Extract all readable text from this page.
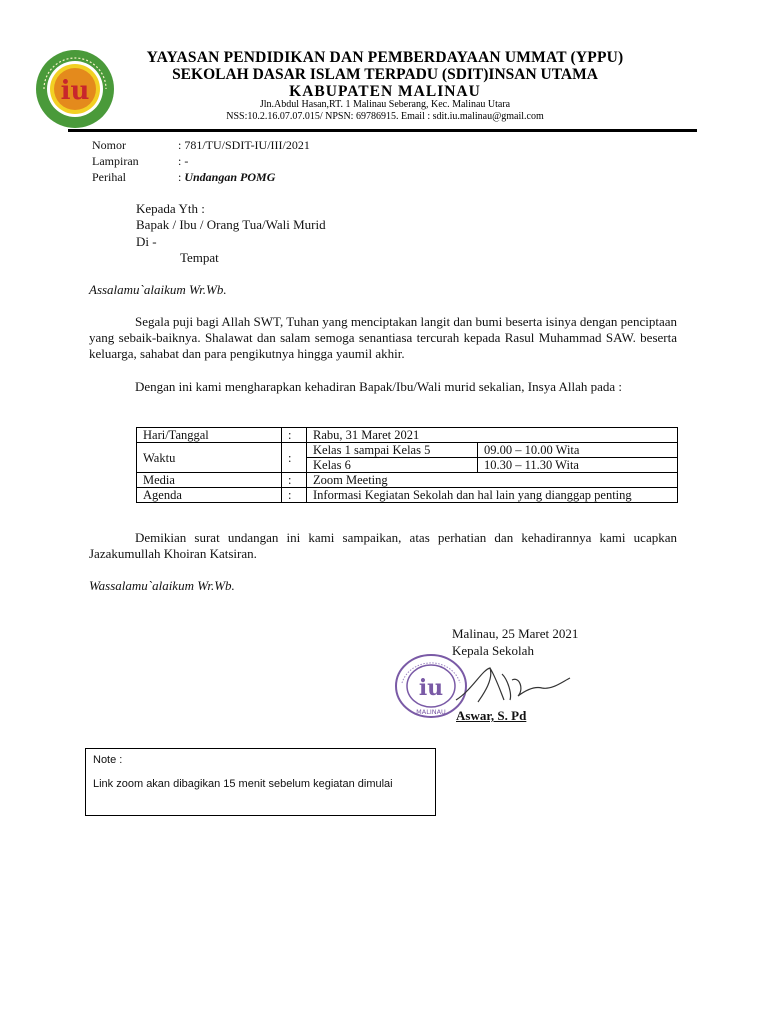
iu
YAYASAN PENDIDIKAN DAN PEMBERDAYAAN UMMAT (YPPU)
SEKOLAH DASAR ISLAM TERPADU (SDIT)INSAN UTAMA
KABUPATEN MALINAU
Jln.Abdul Hasan,RT. 1 Malinau Seberang, Kec. Malinau Utara
NSS:10.2.16.07.07.015/ NPSN: 69786915. Email : sdit.iu.malinau@gmail.com
Nomor	: 781/TU/SDIT-IU/III/2021
Lampiran	: -
Perihal	: Undangan POMG
Kepada Yth :
Bapak / Ibu / Orang Tua/Wali Murid
Di -
Tempat
Assalamu`alaikum Wr.Wb.
Segala puji bagi Allah SWT, Tuhan yang menciptakan langit dan bumi beserta isinya dengan penciptaan yang sebaik-baiknya. Shalawat dan salam semoga senantiasa tercurah kepada Rasul Muhammad SAW. beserta keluarga, sahabat dan para pengikutnya hingga yaumil akhir.
Dengan ini kami mengharapkan kehadiran Bapak/Ibu/Wali murid sekalian, Insya Allah pada :
Hari/Tanggal	:	Rabu, 31 Maret 2021	
Waktu	:	Kelas 1 sampai Kelas 5	09.00 – 10.00 Wita
		Kelas 6	10.30 – 11.30 Wita
Media	:	Zoom Meeting	
Agenda	:	Informasi Kegiatan Sekolah dan hal lain yang dianggap penting	
Demikian surat undangan ini kami sampaikan, atas perhatian dan kehadirannya kami ucapkan Jazakumullah Khoiran Katsiran.
Wassalamu`alaikum Wr.Wb.
Malinau, 25 Maret 2021
Kepala Sekolah
iu
MALINAU Aswar, S. Pd
Note :
Link zoom akan dibagikan 15 menit sebelum kegiatan dimulai
